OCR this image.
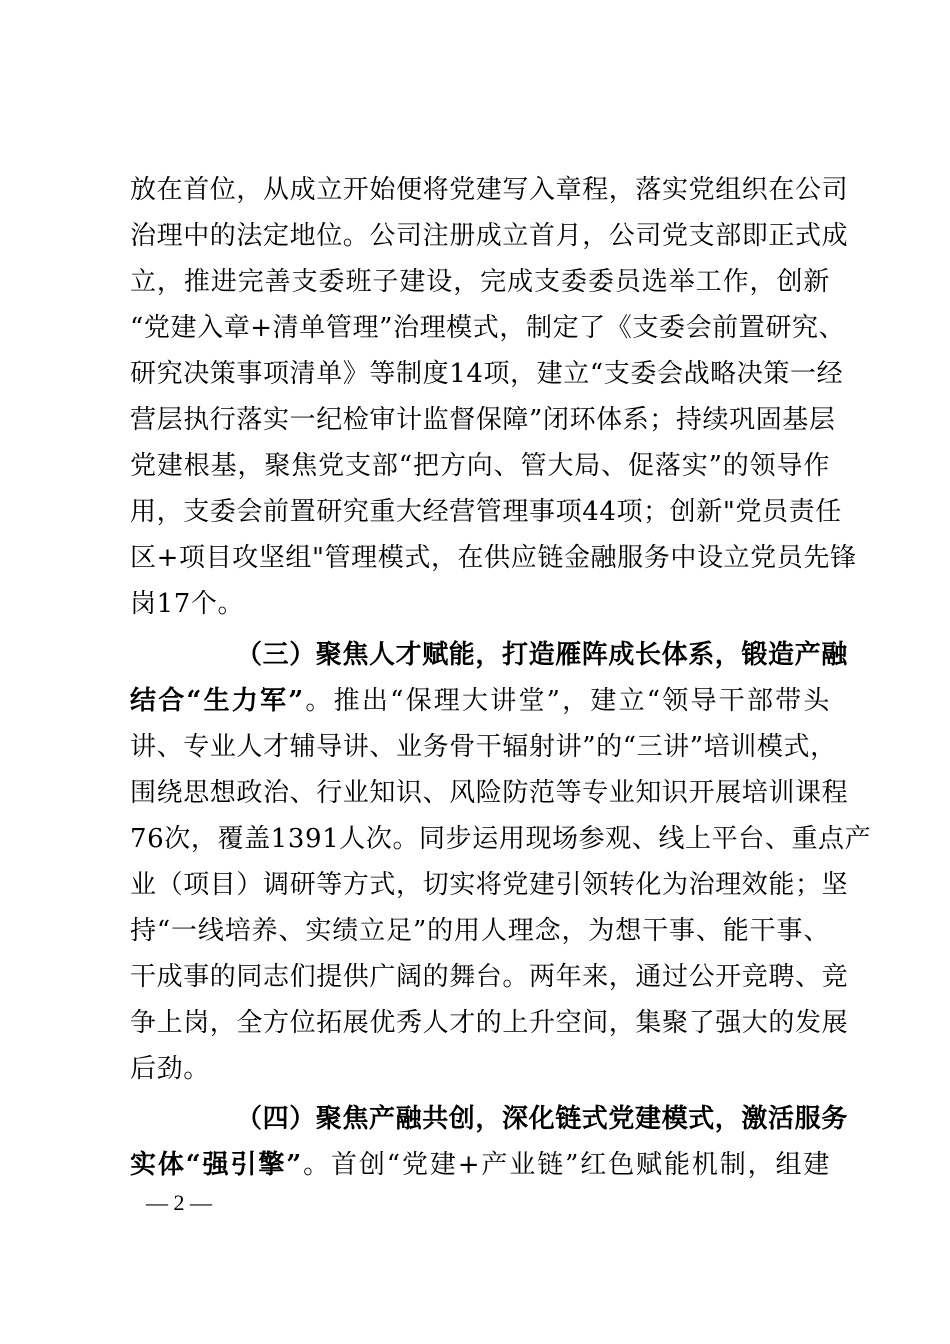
放在首位，从成立开始便将党建写入章程，落实党组织在公司
治理中的法定地位。公司注册成立首月，公司党支部即正式成
立，推进完善支委班子建设，完成支委委员选举工作，创新
“党建入章+清单管理”治理模式，制定了《支委会前置研究、
研究决策事项清单》等制度14项，建立“支委会战略决策一经
营层执行落实一纪检审计监督保障”闭环体系；持续巩固基层
党建根基，聚焦党支部“把方向、管大局、促落实”的领导作
用，支委会前置研究重大经营管理事项44项；创新"党员责任
区+项目攻坚组"管理模式，在供应链金融服务中设立党员先锋
岗17个。
（三）聚焦人才赋能，打造雁阵成长体系，锻造产融
结合“生力军”。推出“保理大讲堂”，建立“领导干部带头
讲、专业人才辅导讲、业务骨干辐射讲”的“三讲”培训模式，
围绕思想政治、行业知识、风险防范等专业知识开展培训课程
76次，覆盖1391人次。同步运用现场参观、线上平台、重点产
业（项目）调研等方式，切实将党建引领转化为治理效能；坚
持“一线培养、实绩立足”的用人理念，为想干事、能干事、
干成事的同志们提供广阔的舞台。两年来，通过公开竞聘、竞
争上岗，全方位拓展优秀人才的上升空间，集聚了强大的发展
后劲。
（四）聚焦产融共创，深化链式党建模式，激活服务
实体“强引擎”。首创“党建+产业链”红色赋能机制，组建
— 2 —
